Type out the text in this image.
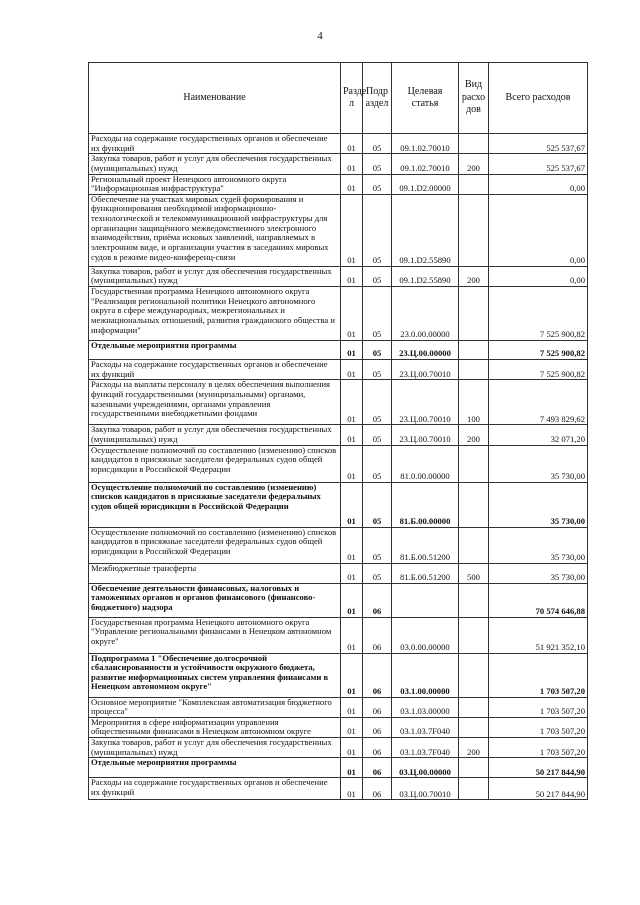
4
Наименование	Разде л	Подр аздел	Целевая статья	Вид расхо дов	Всего расходов
Расходы на содержание государственных органов и обеспечение их функций	01	05	09.1.02.70010		525 537,67
Закупка товаров, работ и услуг для обеспечения государственных (муниципальных) нужд	01	05	09.1.02.70010	200	525 537,67
Региональный проект Ненецкого автономного округа "Информационная инфраструктура"	01	05	09.1.D2.00000		0,00
Обеспечение на участках мировых судей формирования и функционирования необходимой информационно-технологической и телекоммуникационной инфраструктуры для организации защищённого межведомственного электронного взаимодействия, приёма исковых заявлений, направляемых в электронном виде, и организации участия в заседаниях мировых судов в режиме видео-конференц-связи	01	05	09.1.D2.55890		0,00
Закупка товаров, работ и услуг для обеспечения государственных (муниципальных) нужд	01	05	09.1.D2.55890	200	0,00
Государственная программа Ненецкого автономного округа "Реализация региональной политики Ненецкого автономного округа в сфере международных, межрегиональных и межнациональных отношений, развития гражданского общества и информации"	01	05	23.0.00.00000		7 525 900,82
Отдельные мероприятия программы	01	05	23.Ц.00.00000		7 525 900,82
Расходы на содержание государственных органов и обеспечение их функций	01	05	23.Ц.00.70010		7 525 900,82
Расходы на выплаты персоналу в целях обеспечения выполнения функций государственными (муниципальными) органами, казенными учреждениями, органами управления государственными внебюджетными фондами	01	05	23.Ц.00.70010	100	7 493 829,62
Закупка товаров, работ и услуг для обеспечения государственных (муниципальных) нужд	01	05	23.Ц.00.70010	200	32 071,20
Осуществление полномочий по составлению (изменению) списков кандидатов в присяжные заседатели федеральных судов общей юрисдикции в Российской Федерации	01	05	81.0.00.00000		35 730,00
Осуществление полномочий по составлению (изменению) списков кандидатов в присяжные заседатели федеральных судов общей юрисдикции в Российской Федерации	01	05	81.Б.00.00000		35 730,00
Осуществление полномочий по составлению (изменению) списков кандидатов в присяжные заседатели федеральных судов общей юрисдикции в Российской Федерации	01	05	81.Б.00.51200		35 730,00
Межбюджетные трансферты	01	05	81.Б.00.51200	500	35 730,00
Обеспечение деятельности финансовых, налоговых и таможенных органов и органов финансового (финансово-бюджетного) надзора	01	06			70 574 646,88
Государственная программа Ненецкого автономного округа "Управление региональными финансами в Ненецком автономном округе"	01	06	03.0.00.00000		51 921 352,10
Подпрограмма 1 "Обеспечение долгосрочной сбалансированности и устойчивости окружного бюджета, развитие информационных систем управления финансами в Ненецком автономном округе"	01	06	03.1.00.00000		1 703 507,20
Основное мероприятие "Комплексная автоматизация бюджетного процесса"	01	06	03.1.03.00000		1 703 507,20
Мероприятия в сфере информатизации управления общественными финансами в Ненецком автономном округе	01	06	03.1.03.7F040		1 703 507,20
Закупка товаров, работ и услуг для обеспечения государственных (муниципальных) нужд	01	06	03.1.03.7F040	200	1 703 507,20
Отдельные мероприятия программы	01	06	03.Ц.00.00000		50 217 844,90
Расходы на содержание государственных органов и обеспечение их функций	01	06	03.Ц.00.70010		50 217 844,90
